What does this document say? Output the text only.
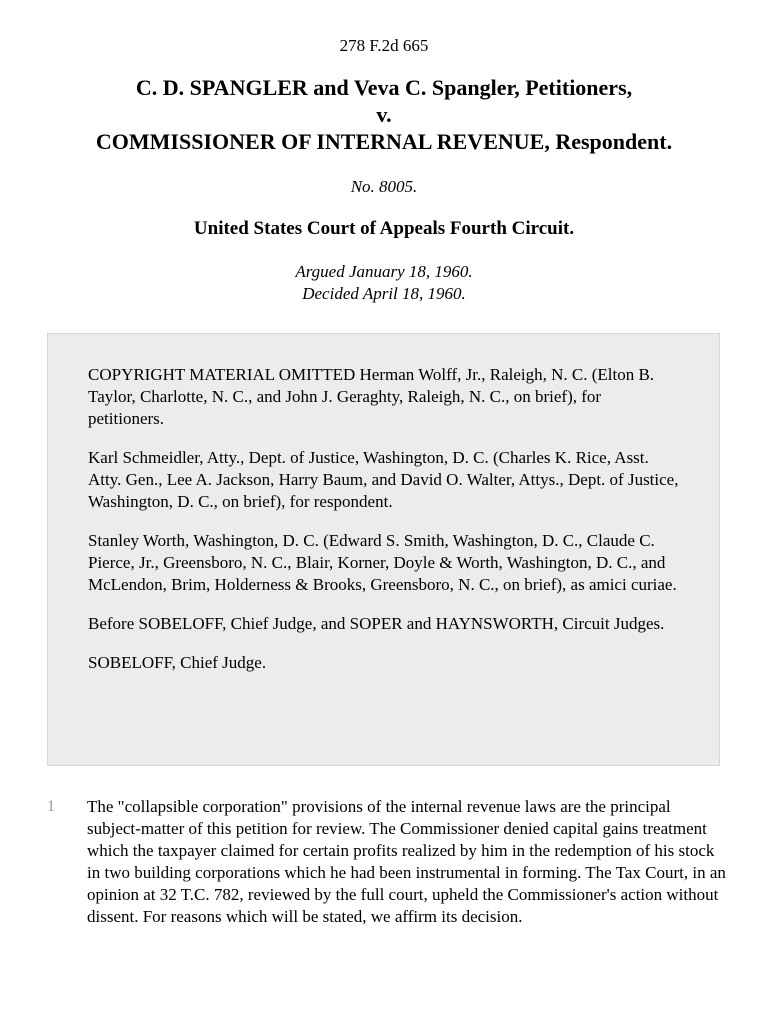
278 F.2d 665
C. D. SPANGLER and Veva C. Spangler, Petitioners,
v.
COMMISSIONER OF INTERNAL REVENUE, Respondent.
No. 8005.
United States Court of Appeals Fourth Circuit.
Argued January 18, 1960.
Decided April 18, 1960.

COPYRIGHT MATERIAL OMITTED Herman Wolff, Jr., Raleigh, N. C. (Elton B. Taylor, Charlotte, N. C., and John J. Geraghty, Raleigh, N. C., on brief), for petitioners.

Karl Schmeidler, Atty., Dept. of Justice, Washington, D. C. (Charles K. Rice, Asst. Atty. Gen., Lee A. Jackson, Harry Baum, and David O. Walter, Attys., Dept. of Justice, Washington, D. C., on brief), for respondent.

Stanley Worth, Washington, D. C. (Edward S. Smith, Washington, D. C., Claude C. Pierce, Jr., Greensboro, N. C., Blair, Korner, Doyle & Worth, Washington, D. C., and McLendon, Brim, Holderness & Brooks, Greensboro, N. C., on brief), as amici curiae.

Before SOBELOFF, Chief Judge, and SOPER and HAYNSWORTH, Circuit Judges.

SOBELOFF, Chief Judge.

1 The "collapsible corporation" provisions of the internal revenue laws are the principal subject-matter of this petition for review. The Commissioner denied capital gains treatment which the taxpayer claimed for certain profits realized by him in the redemption of his stock in two building corporations which he had been instrumental in forming. The Tax Court, in an opinion at 32 T.C. 782, reviewed by the full court, upheld the Commissioner's action without dissent. For reasons which will be stated, we affirm its decision.
